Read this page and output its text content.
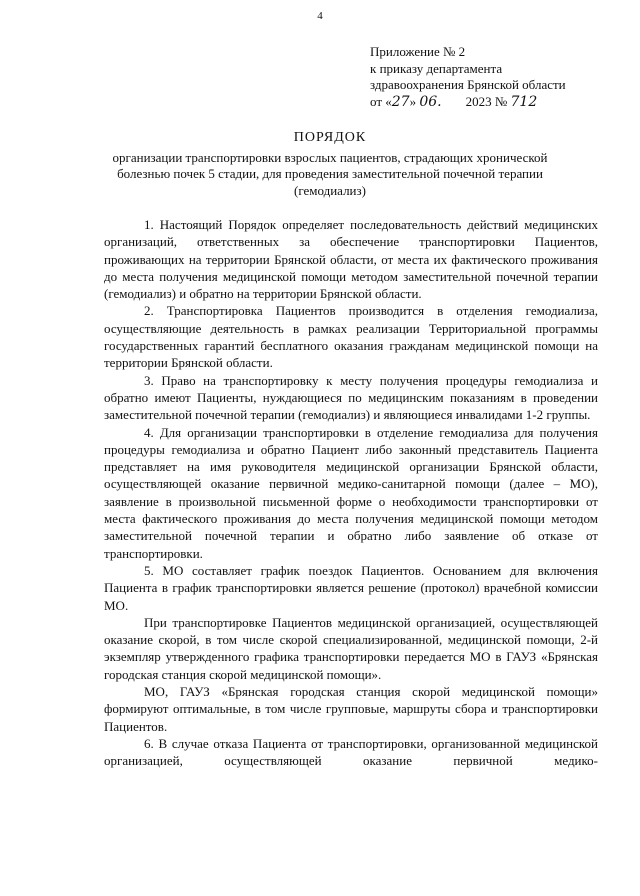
4
Приложение № 2
к приказу департамента
здравоохранения Брянской области
от «27» 06. 2023 № 712
ПОРЯДОК
организации транспортировки взрослых пациентов, страдающих хронической болезнью почек 5 стадии, для проведения заместительной почечной терапии (гемодиализ)

1. Настоящий Порядок определяет последовательность действий медицинских организаций, ответственных за обеспечение транспортировки Пациентов, проживающих на территории Брянской области, от места их фактического проживания до места получения медицинской помощи методом заместительной почечной терапии (гемодиализ) и обратно на территории Брянской области.

2. Транспортировка Пациентов производится в отделения гемодиализа, осуществляющие деятельность в рамках реализации Территориальной программы государственных гарантий бесплатного оказания гражданам медицинской помощи на территории Брянской области.

3. Право на транспортировку к месту получения процедуры гемодиализа и обратно имеют Пациенты, нуждающиеся по медицинским показаниям в проведении заместительной почечной терапии (гемодиализ) и являющиеся инвалидами 1-2 группы.

4. Для организации транспортировки в отделение гемодиализа для получения процедуры гемодиализа и обратно Пациент либо законный представитель Пациента представляет на имя руководителя медицинской организации Брянской области, осуществляющей оказание первичной медико-санитарной помощи (далее – МО), заявление в произвольной письменной форме о необходимости транспортировки от места фактического проживания до места получения медицинской помощи методом заместительной почечной терапии и обратно либо заявление об отказе от транспортировки.

5. МО составляет график поездок Пациентов. Основанием для включения Пациента в график транспортировки является решение (протокол) врачебной комиссии МО.

При транспортировке Пациентов медицинской организацией, осуществляющей оказание скорой, в том числе скорой специализированной, медицинской помощи, 2-й экземпляр утвержденного графика транспортировки передается МО в ГАУЗ «Брянская городская станция скорой медицинской помощи».

МО, ГАУЗ «Брянская городская станция скорой медицинской помощи» формируют оптимальные, в том числе групповые, маршруты сбора и транспортировки Пациентов.

6. В случае отказа Пациента от транспортировки, организованной медицинской организацией, осуществляющей оказание первичной медико-
